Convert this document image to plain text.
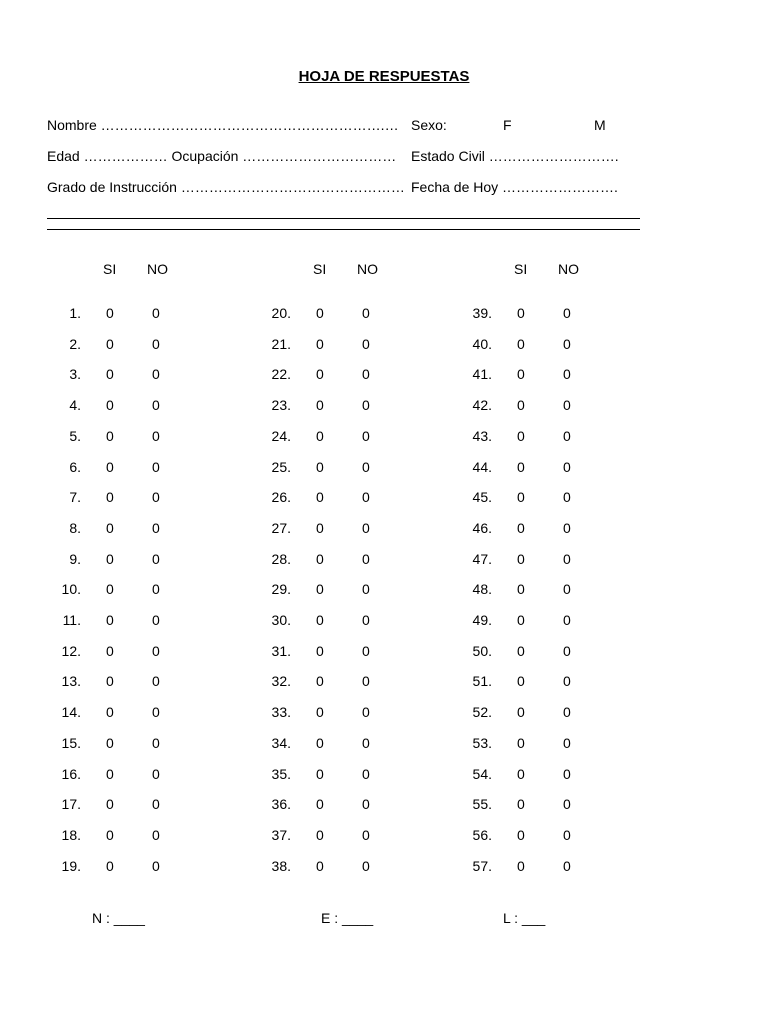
HOJA DE RESPUESTAS
Nombre …………………………………………………….… Sexo:	F	M
Edad ……………… Ocupación …………………………… Estado Civil ……………………….
Grado de Instrucción ………………………………………… Fecha de Hoy …………………….
SI NO
1. 0	0
2. 0	0
3. 0	0
4. 0	0
5. 0	0
6. 0	0
7. 0	0
8. 0	0
9. 0	0
10. 0	0
11. 0	0
12. 0	0
13. 0	0
14. 0	0
15. 0	0
16. 0	0
17. 0	0
18. 0	0
19. 0	0
SI NO
20. 0	0
21. 0	0
22. 0	0
23. 0	0
24. 0	0
25. 0	0
26. 0	0
27. 0	0
28. 0	0
29. 0	0
30. 0	0
31. 0	0
32. 0	0
33. 0	0
34. 0	0
35. 0	0
36. 0	0
37. 0	0
38. 0	0
SI NO
39. 0	0
40. 0	0
41. 0	0
42. 0	0
43. 0	0
44. 0	0
45. 0	0
46. 0	0
47. 0	0
48. 0	0
49. 0	0
50. 0	0
51. 0	0
52. 0	0
53. 0	0
54. 0	0
55. 0	0
56. 0	0
57. 0	0
N : ____	E : ____	L : ___
